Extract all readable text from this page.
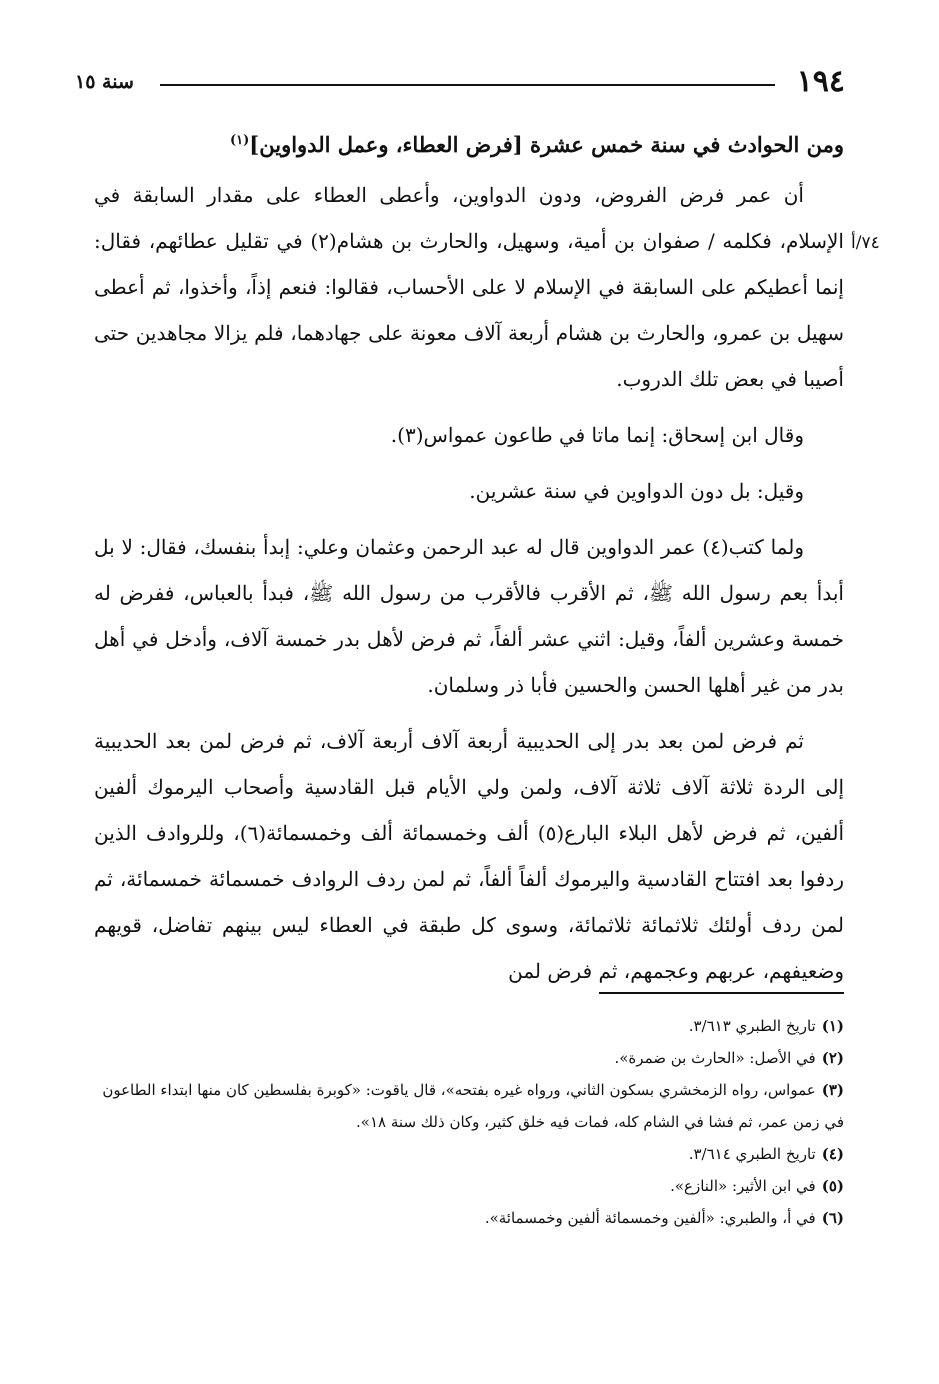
١٩٤
سنة ١٥
ومن الحوادث في سنة خمس عشرة [فرض العطاء، وعمل الدواوين]$^{(١)}$
٧٤/أ

أن عمر فرض الفروض، ودون الدواوين، وأعطى العطاء على مقدار السابقة في الإسلام، فكلمه / صفوان بن أمية، وسهيل، والحارث بن هشام(٢) في تقليل عطائهم، فقال: إنما أعطيكم على السابقة في الإسلام لا على الأحساب، فقالوا: فنعم إذاً، وأخذوا، ثم أعطى سهيل بن عمرو، والحارث بن هشام أربعة آلاف معونة على جهادهما، فلم يزالا مجاهدين حتى أصيبا في بعض تلك الدروب.

وقال ابن إسحاق: إنما ماتا في طاعون عمواس(٣).

وقيل: بل دون الدواوين في سنة عشرين.

ولما كتب(٤) عمر الدواوين قال له عبد الرحمن وعثمان وعلي: إبدأ بنفسك، فقال: لا بل أبدأ بعم رسول الله ﷺ، ثم الأقرب فالأقرب من رسول الله ﷺ، فبدأ بالعباس، ففرض له خمسة وعشرين ألفاً، وقيل: اثني عشر ألفاً، ثم فرض لأهل بدر خمسة آلاف، وأدخل في أهل بدر من غير أهلها الحسن والحسين فأبا ذر وسلمان.

ثم فرض لمن بعد بدر إلى الحديبية أربعة آلاف أربعة آلاف، ثم فرض لمن بعد الحديبية إلى الردة ثلاثة آلاف ثلاثة آلاف، ولمن ولي الأيام قبل القادسية وأصحاب اليرموك ألفين ألفين، ثم فرض لأهل البلاء البارع(٥) ألف وخمسمائة ألف وخمسمائة(٦)، وللروادف الذين ردفوا بعد افتتاح القادسية واليرموك ألفاً ألفاً، ثم لمن ردف الروادف خمسمائة خمسمائة، ثم لمن ردف أولئك ثلاثمائة ثلاثمائة، وسوى كل طبقة في العطاء ليس بينهم تفاضل، قويهم وضعيفهم، عربهم وعجمهم، ثم فرض لمن

(١)تاريخ الطبري ٣/٦١٣.

(٢)في الأصل: «الحارث بن ضمرة».

(٣)عمواس، رواه الزمخشري بسكون الثاني، ورواه غيره بفتحه»، قال ياقوت: «كوبرة بفلسطين كان منها ابتداء الطاعون في زمن عمر، ثم فشا في الشام كله، فمات فيه خلق كثير، وكان ذلك سنة ١٨».

(٤)تاريخ الطبري ٣/٦١٤.

(٥)في ابن الأثير: «النازع».

(٦)في أ، والطبري: «ألفين وخمسمائة ألفين وخمسمائة».
